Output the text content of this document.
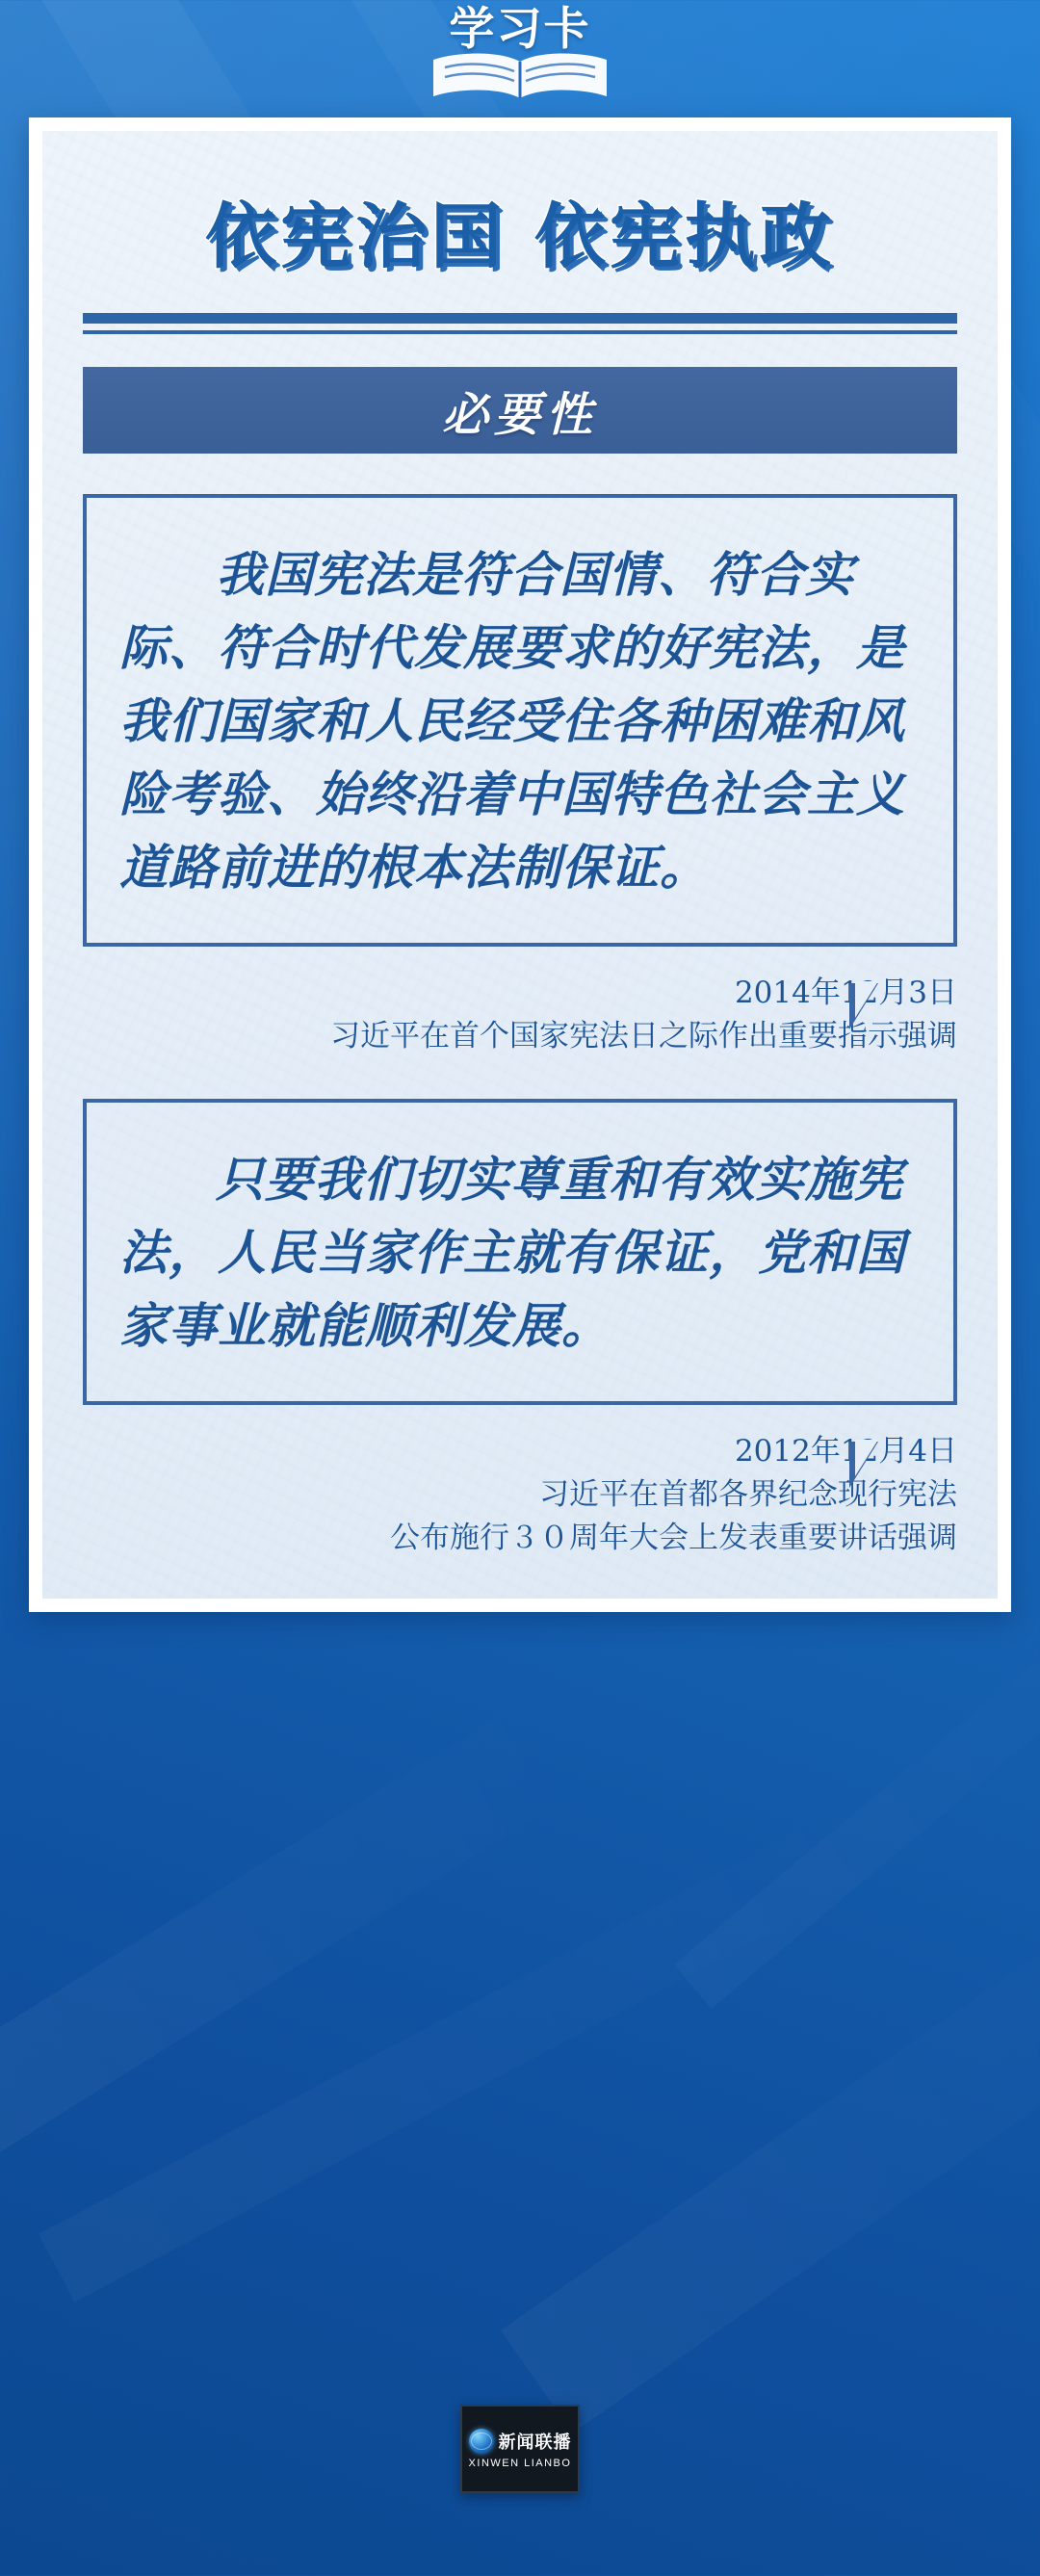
学习卡
依宪治国 依宪执政
必要性

我国宪法是符合国情、符合实际、符合时代发展要求的好宪法，是我们国家和人民经受住各种困难和风险考验、始终沿着中国特色社会主义道路前进的根本法制保证。

2014年12月3日
习近平在首个国家宪法日之际作出重要指示强调

只要我们切实尊重和有效实施宪法，人民当家作主就有保证，党和国家事业就能顺利发展。

2012年12月4日
习近平在首都各界纪念现行宪法
公布施行３０周年大会上发表重要讲话强调
新闻联播
XINWEN LIANBO
